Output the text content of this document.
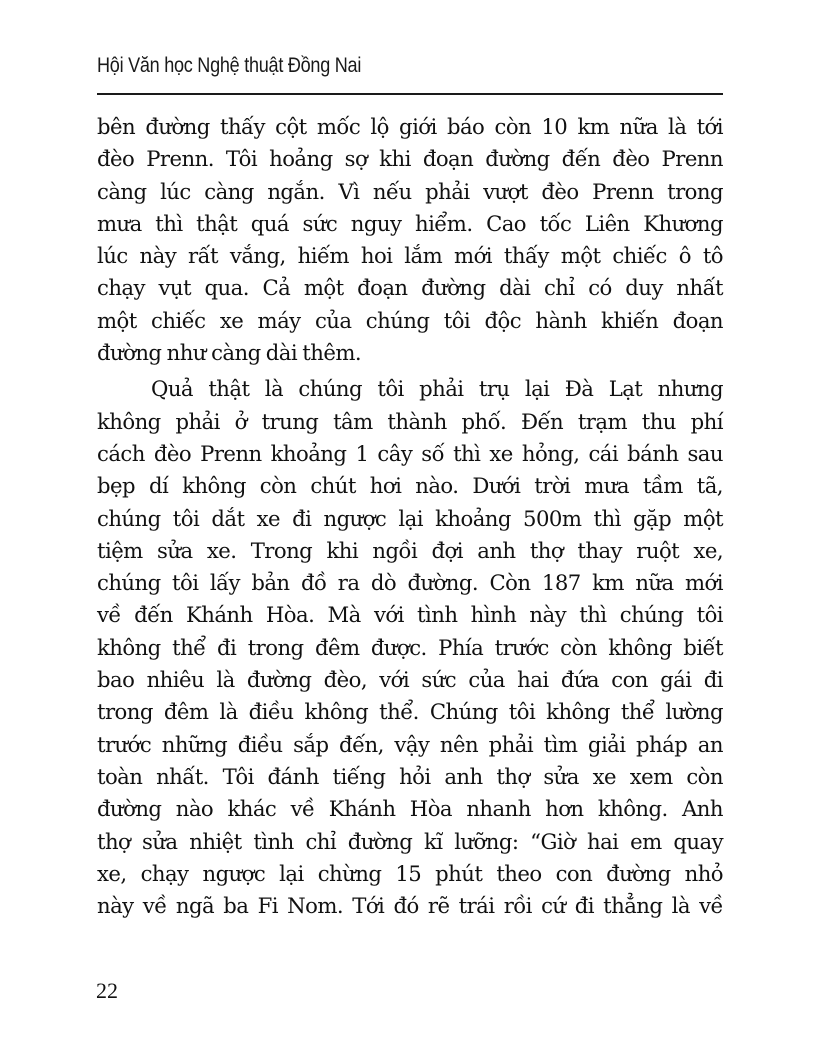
Hội Văn học Nghệ thuật Đồng Nai
bên đường thấy cột mốc lộ giới báo còn 10 km nữa là tới
đèo Prenn. Tôi hoảng sợ khi đoạn đường đến đèo Prenn
càng lúc càng ngắn. Vì nếu phải vượt đèo Prenn trong
mưa thì thật quá sức nguy hiểm. Cao tốc Liên Khương
lúc này rất vắng, hiếm hoi lắm mới thấy một chiếc ô tô
chạy vụt qua. Cả một đoạn đường dài chỉ có duy nhất
một chiếc xe máy của chúng tôi độc hành khiến đoạn
đường như càng dài thêm.
Quả thật là chúng tôi phải trụ lại Đà Lạt nhưng
không phải ở trung tâm thành phố. Đến trạm thu phí
cách đèo Prenn khoảng 1 cây số thì xe hỏng, cái bánh sau
bẹp dí không còn chút hơi nào. Dưới trời mưa tầm tã,
chúng tôi dắt xe đi ngược lại khoảng 500m thì gặp một
tiệm sửa xe. Trong khi ngồi đợi anh thợ thay ruột xe,
chúng tôi lấy bản đồ ra dò đường. Còn 187 km nữa mới
về đến Khánh Hòa. Mà với tình hình này thì chúng tôi
không thể đi trong đêm được. Phía trước còn không biết
bao nhiêu là đường đèo, với sức của hai đứa con gái đi
trong đêm là điều không thể. Chúng tôi không thể lường
trước những điều sắp đến, vậy nên phải tìm giải pháp an
toàn nhất. Tôi đánh tiếng hỏi anh thợ sửa xe xem còn
đường nào khác về Khánh Hòa nhanh hơn không. Anh
thợ sửa nhiệt tình chỉ đường kĩ lưỡng: “Giờ hai em quay
xe, chạy ngược lại chừng 15 phút theo con đường nhỏ
này về ngã ba Fi Nom. Tới đó rẽ trái rồi cứ đi thẳng là về
22
